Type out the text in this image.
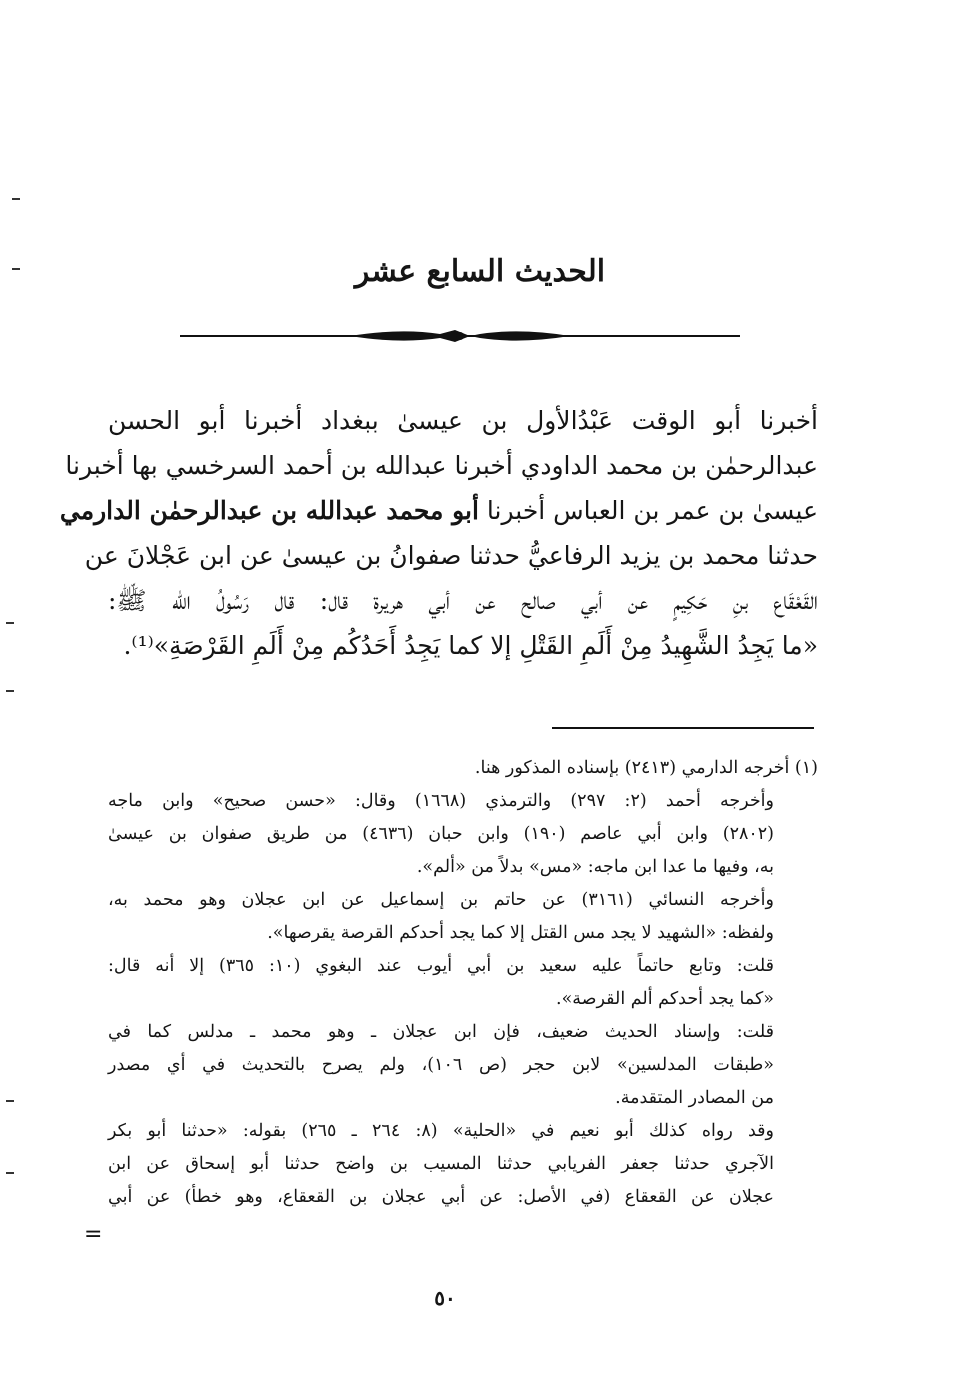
الحديث السابع عشر
أخبرنا أبو الوقت عَبْدُالأول بن عيسىٰ ببغداد أخبرنا أبو الحسن
عبدالرحمٰن بن محمد الداودي أخبرنا عبدالله بن أحمد السرخسي بها أخبرنا
عيسىٰ بن عمر بن العباس أخبرنا أبو محمد عبدالله بن عبدالرحمٰن الدارمي
حدثنا محمد بن يزيد الرفاعيُّ حدثنا صفوانُ بن عيسىٰ عن ابن عَجْلانَ عن
القَعْقَاع بنِ حَكِيمٍ عن أبي صالح عن أبي هريرة قال: قال رَسُولُ الله ﷺ:
«ما يَجِدُ الشَّهِيدُ مِنْ أَلَمِ القَتْلِ إلا كما يَجِدُ أَحَدُكُم مِنْ أَلَمِ القَرْصَةِ»⁽¹⁾.
(١) أخرجه الدارمي (٢٤١٣) بإسناده المذكور هنا.
وأخرجه أحمد (٢: ٢٩٧) والترمذي (١٦٦٨) وقال: «حسن صحيح» وابن ماجه
(٢٨٠٢) وابن أبي عاصم (١٩٠) وابن حبان (٤٦٣٦) من طريق صفوان بن عيسىٰ
به، وفيها ما عدا ابن ماجه: «مس» بدلاً من «ألم».
وأخرجه النسائي (٣١٦١) عن حاتم بن إسماعيل عن ابن عجلان وهو محمد به،
ولفظه: «الشهيد لا يجد مس القتل إلا كما يجد أحدكم القرصة يقرصها».
قلت: وتابع حاتماً عليه سعيد بن أبي أيوب عند البغوي (١٠: ٣٦٥) إلا أنه قال:
«كما يجد أحدكم ألم القرصة».
قلت: وإسناد الحديث ضعيف، فإن ابن عجلان ـ وهو محمد ـ مدلس كما في
«طبقات المدلسين» لابن حجر (ص ١٠٦)، ولم يصرح بالتحديث في أي مصدر
من المصادر المتقدمة.
وقد رواه كذلك أبو نعيم في «الحلية» (٨: ٢٦٤ ـ ٢٦٥) بقوله: «حدثنا أبو بكر
الآجري حدثنا جعفر الفريابي حدثنا المسيب بن واضح حدثنا أبو إسحاق عن ابن
عجلان عن القعقاع (في الأصل: عن أبي عجلان بن القعقاع، وهو خطأ) عن أبي
=
٥٠
